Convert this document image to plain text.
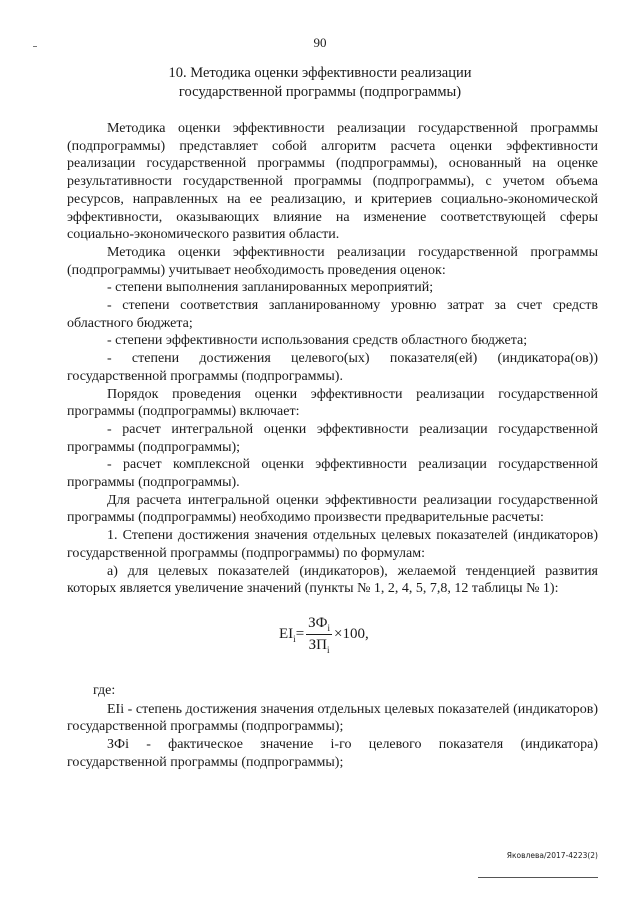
90
10. Методика оценки эффективности реализации
государственной программы (подпрограммы)

Методика оценки эффективности реализации государственной программы (подпрограммы) представляет собой алгоритм расчета оценки эффективности реализации государственной программы (подпрограммы), основанный на оценке результативности государственной программы (подпрограммы), с учетом объема ресурсов, направленных на ее реализацию, и критериев социально-экономической эффективности, оказывающих влияние на изменение соответствующей сферы социально-экономического развития области.

Методика оценки эффективности реализации государственной программы (подпрограммы) учитывает необходимость проведения оценок:

- степени выполнения запланированных мероприятий;

- степени соответствия запланированному уровню затрат за счет средств областного бюджета;

- степени эффективности использования средств областного бюджета;

- степени достижения целевого(ых) показателя(ей) (индикатора(ов)) государственной программы (подпрограммы).

Порядок проведения оценки эффективности реализации государственной программы (подпрограммы) включает:

- расчет интегральной оценки эффективности реализации государственной программы (подпрограммы);

- расчет комплексной оценки эффективности реализации государственной программы (подпрограммы).

Для расчета интегральной оценки эффективности реализации государственной программы (подпрограммы) необходимо произвести предварительные расчеты:

1. Степени достижения значения отдельных целевых показателей (индикаторов) государственной программы (подпрограммы) по формулам:

а) для целевых показателей (индикаторов), желаемой тенденцией развития которых является увеличение значений (пункты № 1, 2, 4, 5, 7,8, 12 таблицы № 1):

EI $i = \frac{ЗФ_i}{ЗП_i} \times 100$,

где:

EIi - степень достижения значения отдельных целевых показателей (индикаторов) государственной программы (подпрограммы);

ЗФi - фактическое значение i-го целевого показателя (индикатора) государственной программы (подпрограммы);

Яковлева/2017-4223(2)
